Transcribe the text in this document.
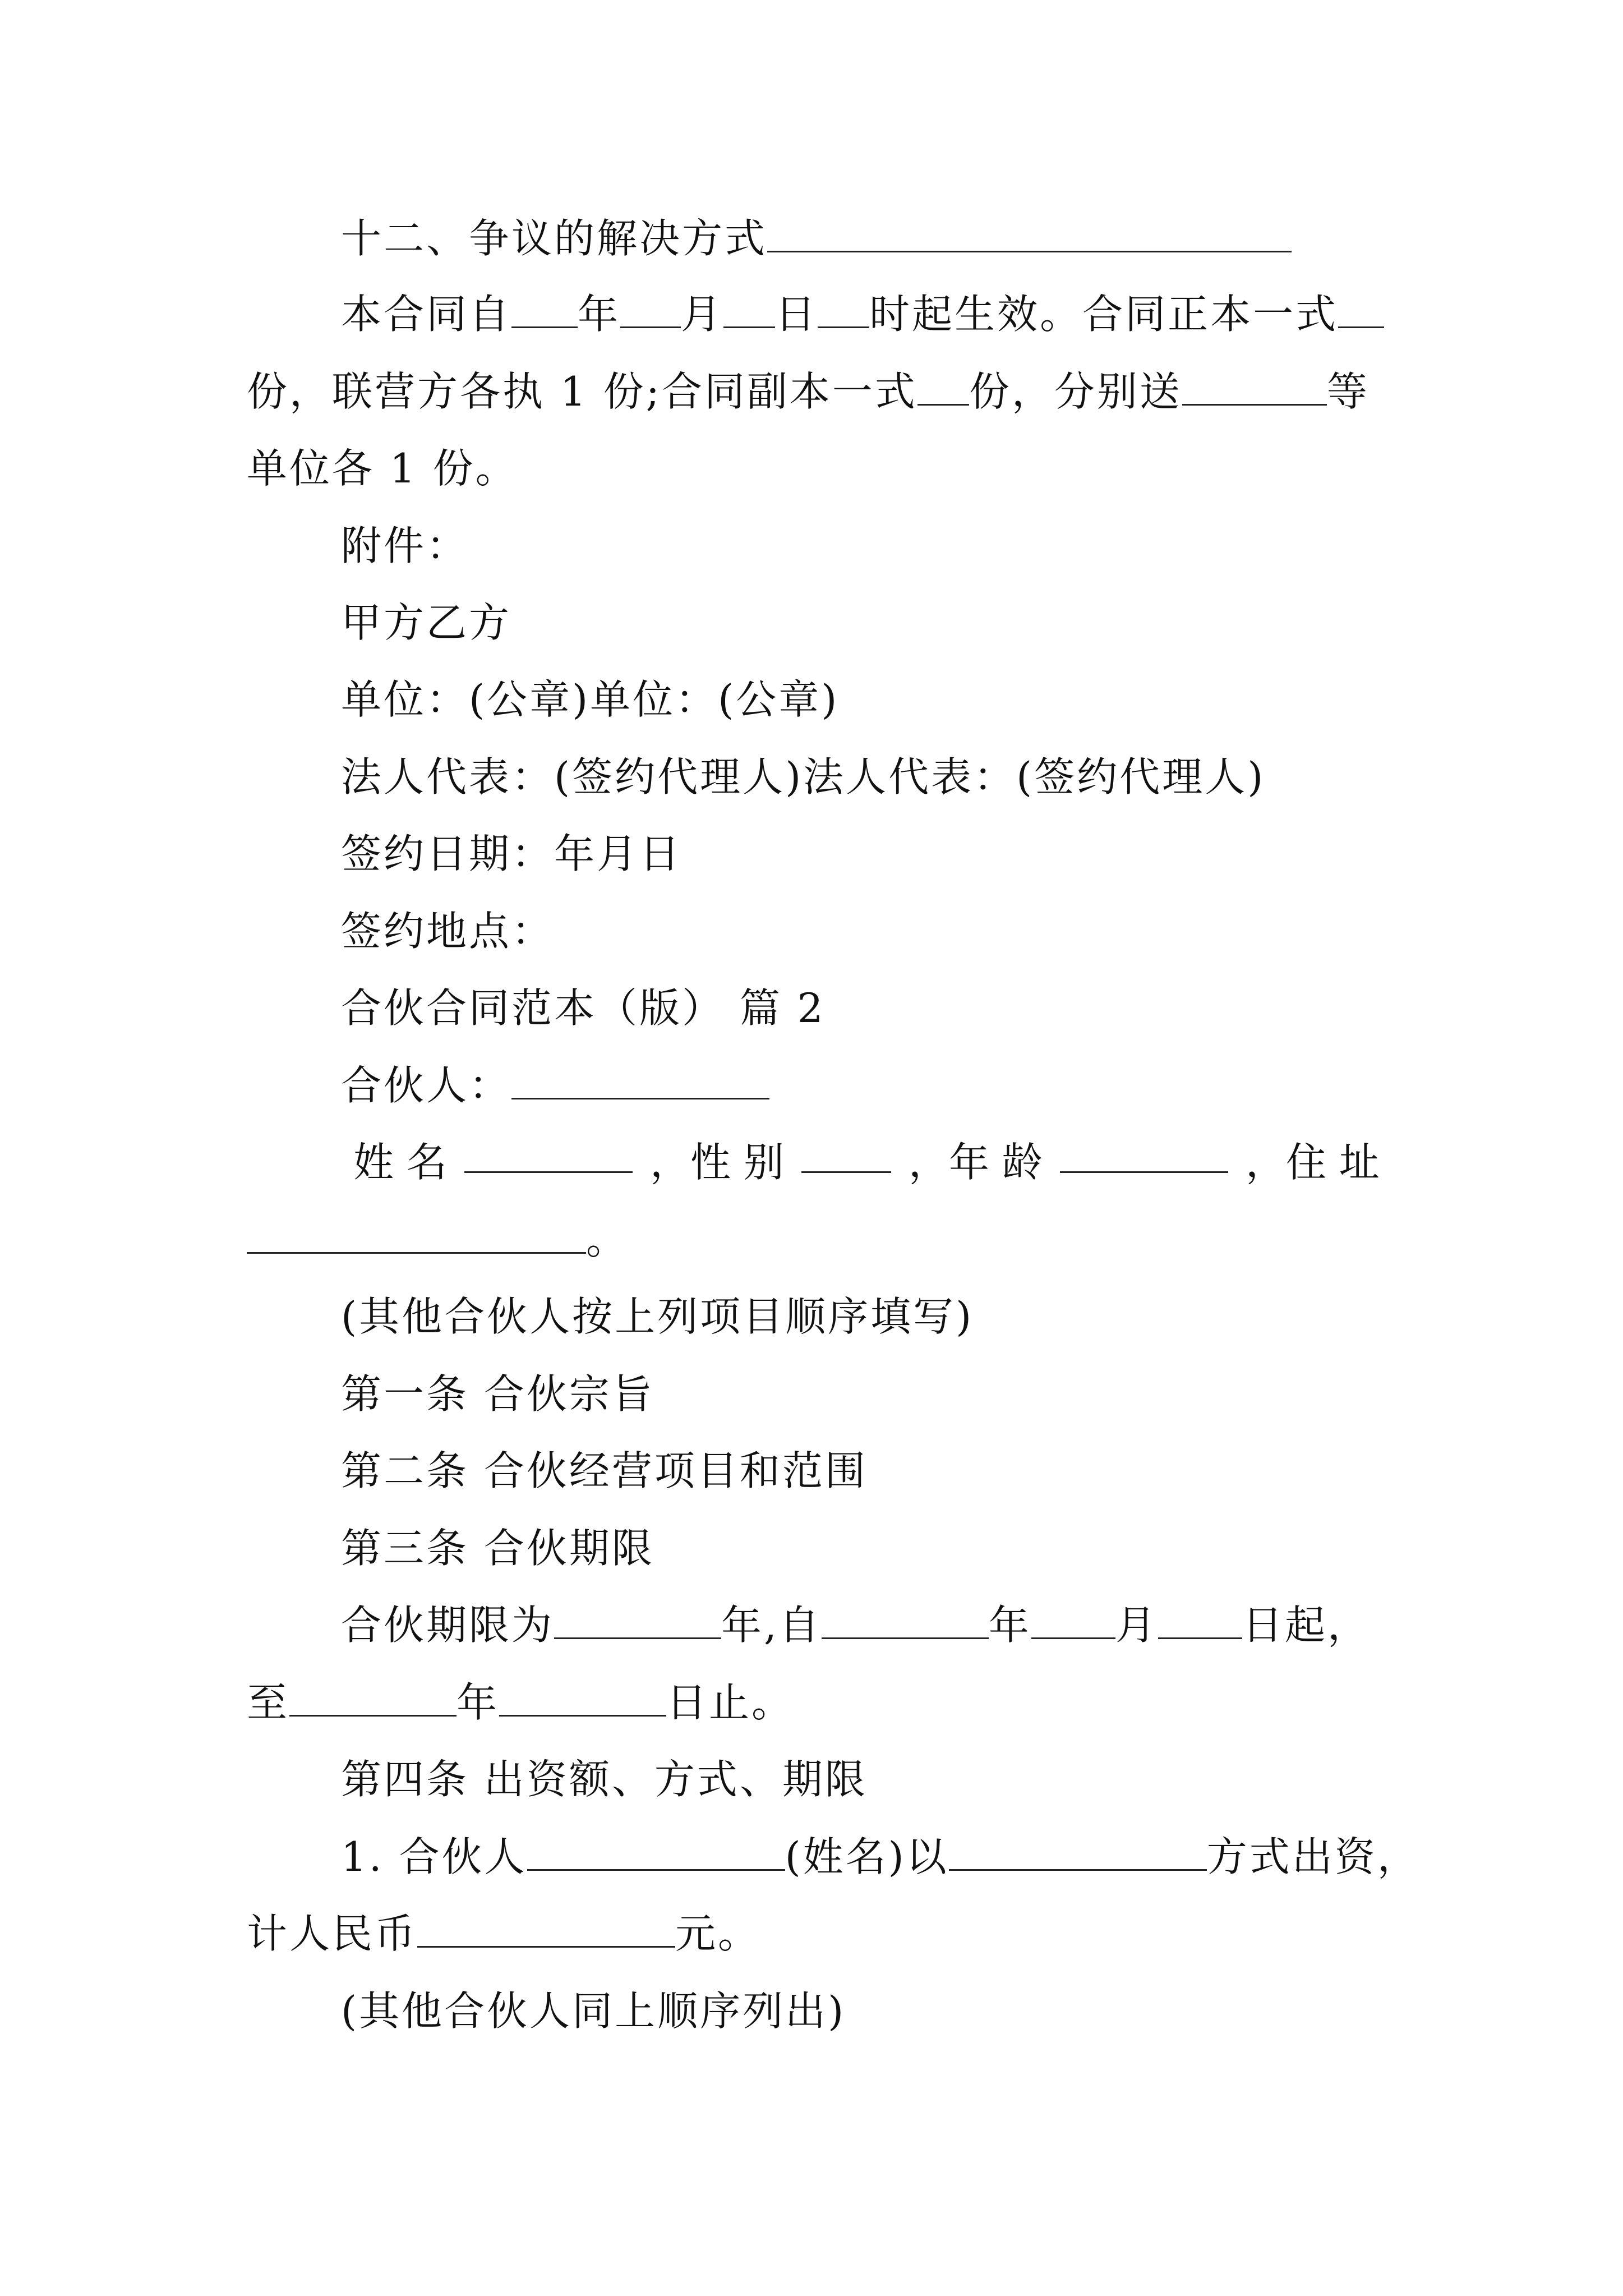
十二、争议的解决方式

本合同自 年 月 日 时起生效。合同正本一式

份，联营方各执 1 份;合同副本一式 份，分别送	等

单位各 1 份。

附件：

甲方乙方

单位：(公章)单位：(公章)

法人代表：(签约代理人)法人代表：(签约代理人)

签约日期：年月日

签约地点：

合伙合同范本（版） 篇 2

合伙人：

姓 名	，性 别	，年 龄	，住 址

。

(其他合伙人按上列项目顺序填写)

第一条 合伙宗旨

第二条 合伙经营项目和范围

第三条 合伙期限

合伙期限为	年,自	年 月 日起，

至	年	日止。

第四条 出资额、方式、期限

1. 合伙人	(姓名)以	方式出资，

计人民币	元。

(其他合伙人同上顺序列出)
